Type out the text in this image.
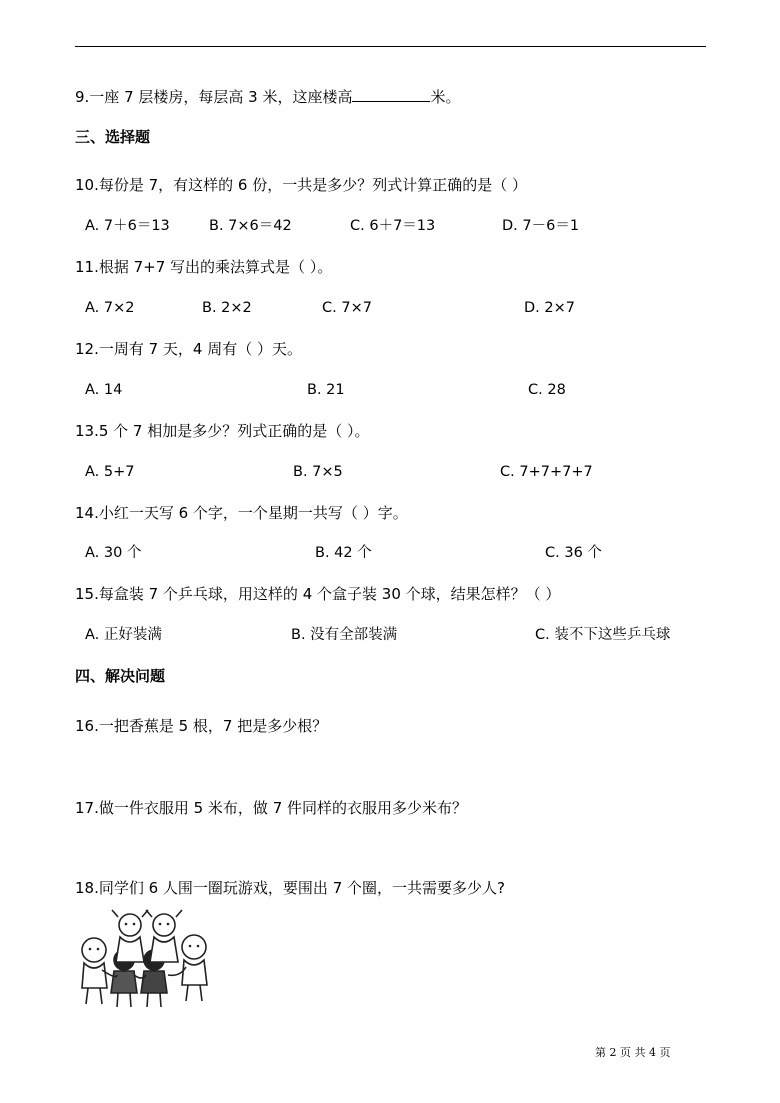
9.一座 7 层楼房，每层高 3 米，这座楼高	米。
三、选择题
10.每份是 7，有这样的 6 份，一共是多少？列式计算正确的是（ ）
A. 7＋6＝13	B. 7×6＝42	C. 6＋7＝13	D. 7－6＝1
11.根据 7+7 写出的乘法算式是（ ）。
A. 7×2	B. 2×2	C. 7×7	D. 2×7
12.一周有 7 天，4 周有（ ）天。
A. 14	B. 21	C. 28
13.5 个 7 相加是多少？列式正确的是（ ）。
A. 5+7	B. 7×5	C. 7+7+7+7
14.小红一天写 6 个字，一个星期一共写（ ）字。
A. 30 个	B. 42 个	C. 36 个
15.每盒装 7 个乒乓球，用这样的 4 个盒子装 30 个球，结果怎样？（ ）
A. 正好装满	B. 没有全部装满	C. 装不下这些乒乓球
四、解决问题
16.一把香蕉是 5 根，7 把是多少根？
17.做一件衣服用 5 米布，做 7 件同样的衣服用多少米布？
18.同学们 6 人围一圈玩游戏，要围出 7 个圈，一共需要多少人?
第 2 页 共 4 页
